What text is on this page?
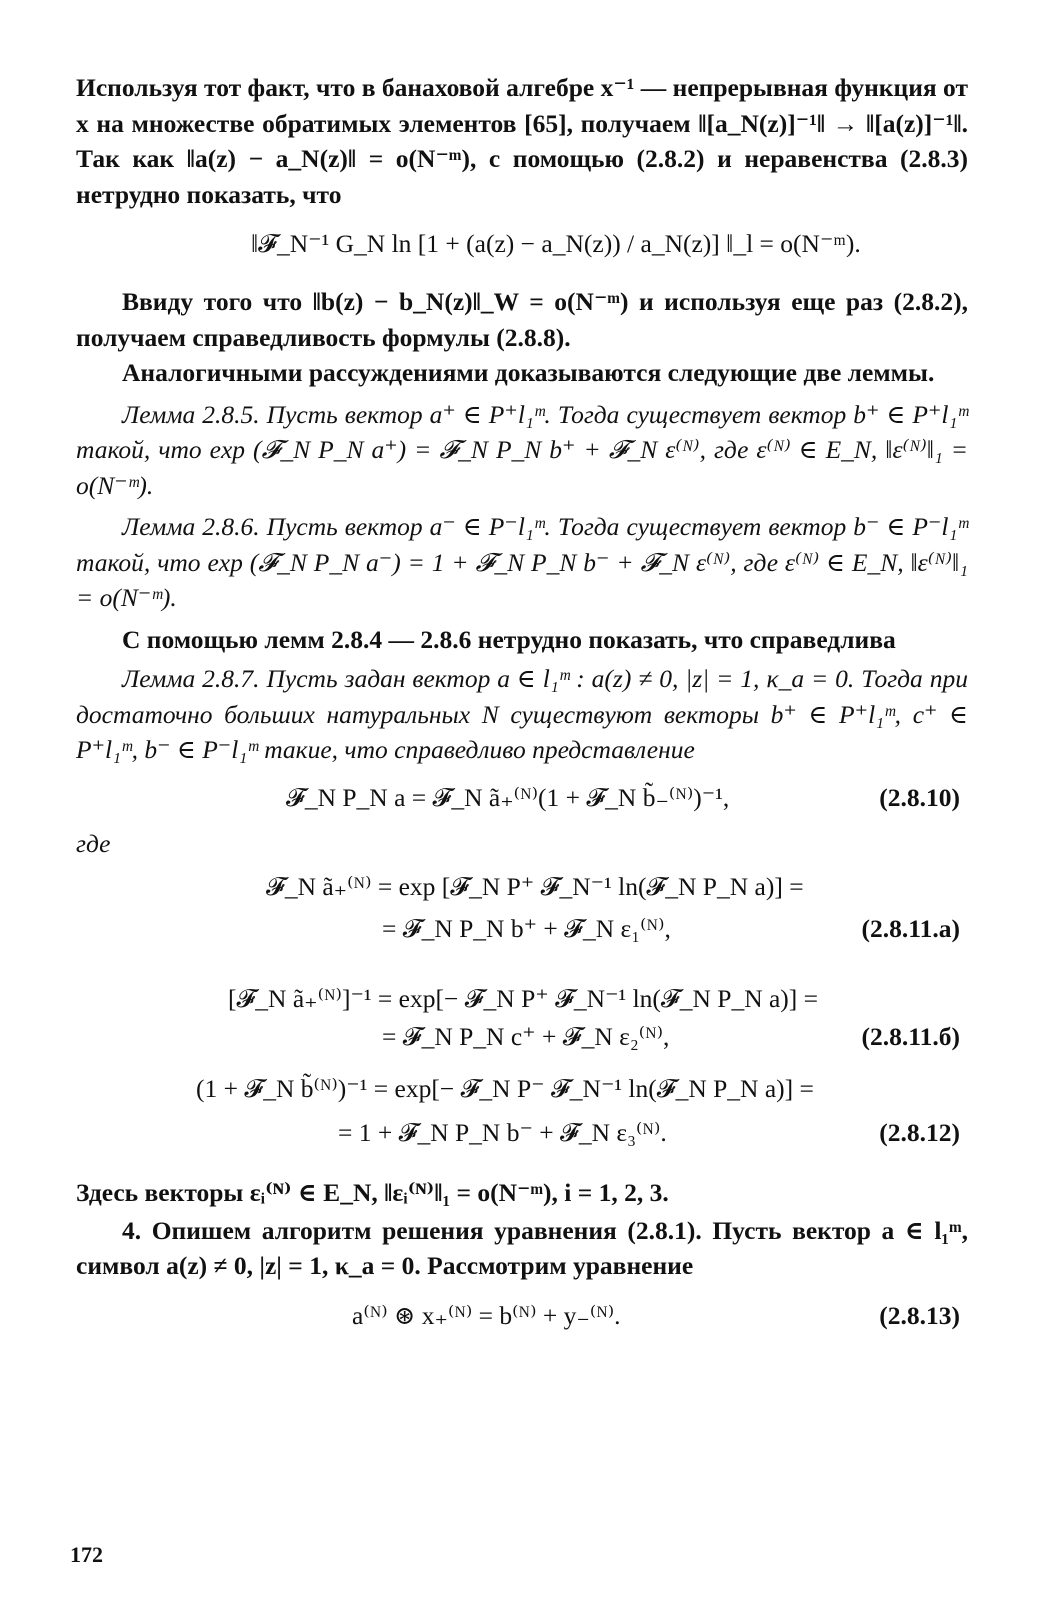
Используя тот факт, что в банаховой алгебре x⁻¹ — непрерывная функция от x на множестве обратимых элементов [65], получаем ‖[a_N(z)]⁻¹‖ → ‖[a(z)]⁻¹‖. Так как ‖a(z) − a_N(z)‖ = o(N⁻ᵐ), с помощью (2.8.2) и неравенства (2.8.3) нетрудно показать, что

‖𝓕_N⁻¹ G_N ln [1 + (a(z) − a_N(z)) / a_N(z)] ‖_l = o(N⁻ᵐ).

Ввиду того что ‖b(z) − b_N(z)‖_W = o(N⁻ᵐ) и используя еще раз (2.8.2), получаем справедливость формулы (2.8.8).

Аналогичными рассуждениями доказываются следующие две леммы.

Лемма 2.8.5. Пусть вектор a⁺ ∈ P⁺l₁ᵐ. Тогда существует вектор b⁺ ∈ P⁺l₁ᵐ такой, что exp (𝓕_N P_N a⁺) = 𝓕_N P_N b⁺ + 𝓕_N ε⁽ᴺ⁾, где ε⁽ᴺ⁾ ∈ E_N, ‖ε⁽ᴺ⁾‖₁ = o(N⁻ᵐ).

Лемма 2.8.6. Пусть вектор a⁻ ∈ P⁻l₁ᵐ. Тогда существует вектор b⁻ ∈ P⁻l₁ᵐ такой, что exp (𝓕_N P_N a⁻) = 1 + 𝓕_N P_N b⁻ + 𝓕_N ε⁽ᴺ⁾, где ε⁽ᴺ⁾ ∈ E_N, ‖ε⁽ᴺ⁾‖₁ = o(N⁻ᵐ).

С помощью лемм 2.8.4 — 2.8.6 нетрудно показать, что справедлива

Лемма 2.8.7. Пусть задан вектор a ∈ l₁ᵐ : a(z) ≠ 0, |z| = 1, κ_a = 0. Тогда при достаточно больших натуральных N существуют векторы b⁺ ∈ P⁺l₁ᵐ, c⁺ ∈ P⁺l₁ᵐ, b⁻ ∈ P⁻l₁ᵐ такие, что справедливо представление

𝓕_N P_N a = 𝓕_N ã₊⁽ᴺ⁾(1 + 𝓕_N b̃₋⁽ᴺ⁾)⁻¹,	(2.8.10)

где

𝓕_N ã₊⁽ᴺ⁾ = exp [𝓕_N P⁺ 𝓕_N⁻¹ ln(𝓕_N P_N a)] =
= 𝓕_N P_N b⁺ + 𝓕_N ε₁⁽ᴺ⁾,	(2.8.11.a)
[𝓕_N ã₊⁽ᴺ⁾]⁻¹ = exp[− 𝓕_N P⁺ 𝓕_N⁻¹ ln(𝓕_N P_N a)] =
= 𝓕_N P_N c⁺ + 𝓕_N ε₂⁽ᴺ⁾,	(2.8.11.б)
(1 + 𝓕_N b̃⁽ᴺ⁾)⁻¹ = exp[− 𝓕_N P⁻ 𝓕_N⁻¹ ln(𝓕_N P_N a)] =
= 1 + 𝓕_N P_N b⁻ + 𝓕_N ε₃⁽ᴺ⁾.	(2.8.12)

Здесь векторы εᵢ⁽ᴺ⁾ ∈ E_N, ‖εᵢ⁽ᴺ⁾‖₁ = o(N⁻ᵐ), i = 1, 2, 3.

4. Опишем алгоритм решения уравнения (2.8.1). Пусть вектор a ∈ l₁ᵐ, символ a(z) ≠ 0, |z| = 1, κ_a = 0. Рассмотрим уравнение

a⁽ᴺ⁾ ⊛ x₊⁽ᴺ⁾ = b⁽ᴺ⁾ + y₋⁽ᴺ⁾.	(2.8.13)
172
